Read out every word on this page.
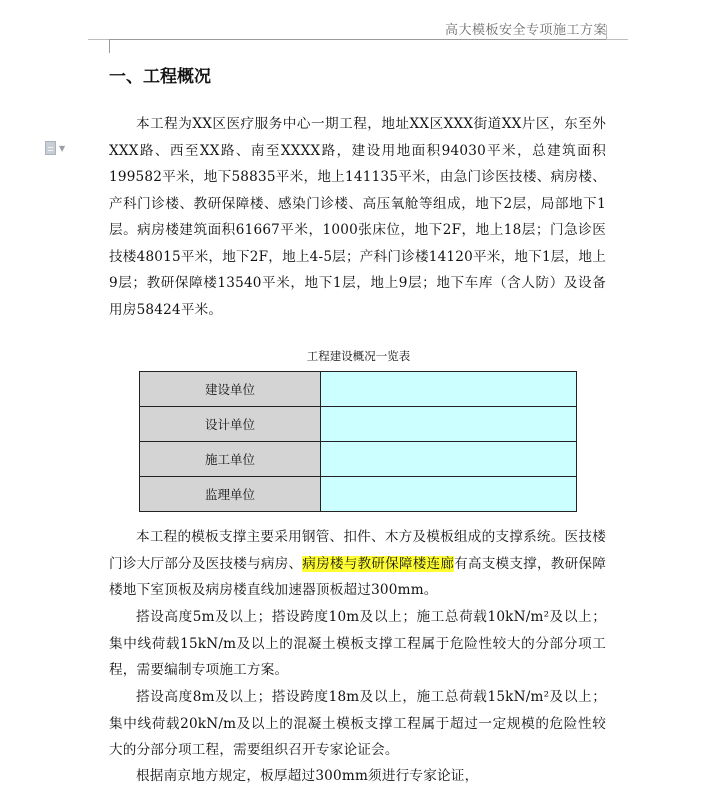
高大模板安全专项施工方案
▼
一、工程概况

本工程为XX区医疗服务中心一期工程，地址XX区XXX街道XX片区，东至外XXX路、西至XX路、南至XXXX路，建设用地面积94030平米，总建筑面积199582平米，地下58835平米，地上141135平米，由急门诊医技楼、病房楼、产科门诊楼、教研保障楼、感染门诊楼、高压氧舱等组成，地下2层，局部地下1层。病房楼建筑面积61667平米，1000张床位，地下2F，地上18层；门急诊医技楼48015平米，地下2F，地上4-5层；产科门诊楼14120平米，地下1层，地上9层；教研保障楼13540平米，地下1层，地上9层；地下车库（含人防）及设备用房58424平米。

工程建设概况一览表
建设单位	
设计单位	
施工单位	
监理单位	

本工程的模板支撑主要采用钢管、扣件、木方及模板组成的支撑系统。医技楼门诊大厅部分及医技楼与病房、病房楼与教研保障楼连廊有高支模支撑，教研保障楼地下室顶板及病房楼直线加速器顶板超过300mm。

搭设高度5m及以上；搭设跨度10m及以上；施工总荷载10kN/m²及以上；集中线荷载15kN/m及以上的混凝土模板支撑工程属于危险性较大的分部分项工程，需要编制专项施工方案。

搭设高度8m及以上；搭设跨度18m及以上，施工总荷载15kN/m²及以上；集中线荷载20kN/m及以上的混凝土模板支撑工程属于超过一定规模的危险性较大的分部分项工程，需要组织召开专家论证会。

根据南京地方规定，板厚超过300mm须进行专家论证，
